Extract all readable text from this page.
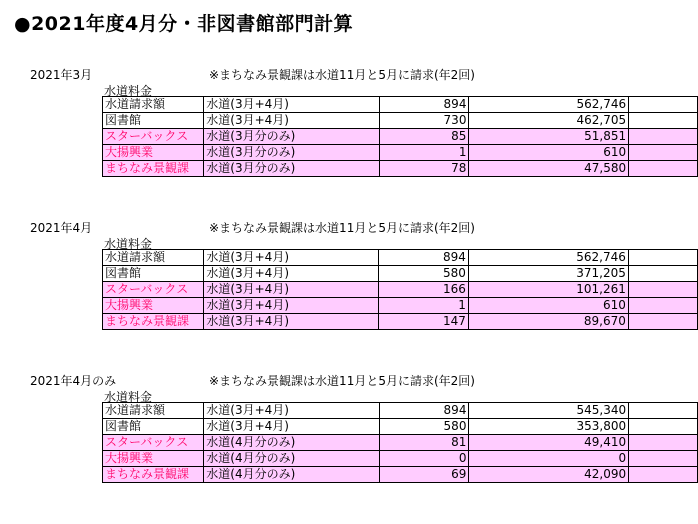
●2021年度4月分・非図書館部門計算
2021年3月	※まちなみ景観課は水道11月と5月に請求(年2回)
水道料金
水道請求額	水道(3月+4月)	894	562,746	
図書館	水道(3月+4月)	730	462,705	
スターバックス	水道(3月分のみ)	85	51,851	
大揚興業	水道(3月分のみ)	1	610	
まちなみ景観課	水道(3月分のみ)	78	47,580	
2021年4月	※まちなみ景観課は水道11月と5月に請求(年2回)
水道料金
水道請求額	水道(3月+4月)	894	562,746	
図書館	水道(3月+4月)	580	371,205	
スターバックス	水道(3月+4月)	166	101,261	
大揚興業	水道(3月+4月)	1	610	
まちなみ景観課	水道(3月+4月)	147	89,670	
2021年4月のみ	※まちなみ景観課は水道11月と5月に請求(年2回)
水道料金
水道請求額	水道(3月+4月)	894	545,340	
図書館	水道(3月+4月)	580	353,800	
スターバックス	水道(4月分のみ)	81	49,410	
大揚興業	水道(4月分のみ)	0	0	
まちなみ景観課	水道(4月分のみ)	69	42,090	
